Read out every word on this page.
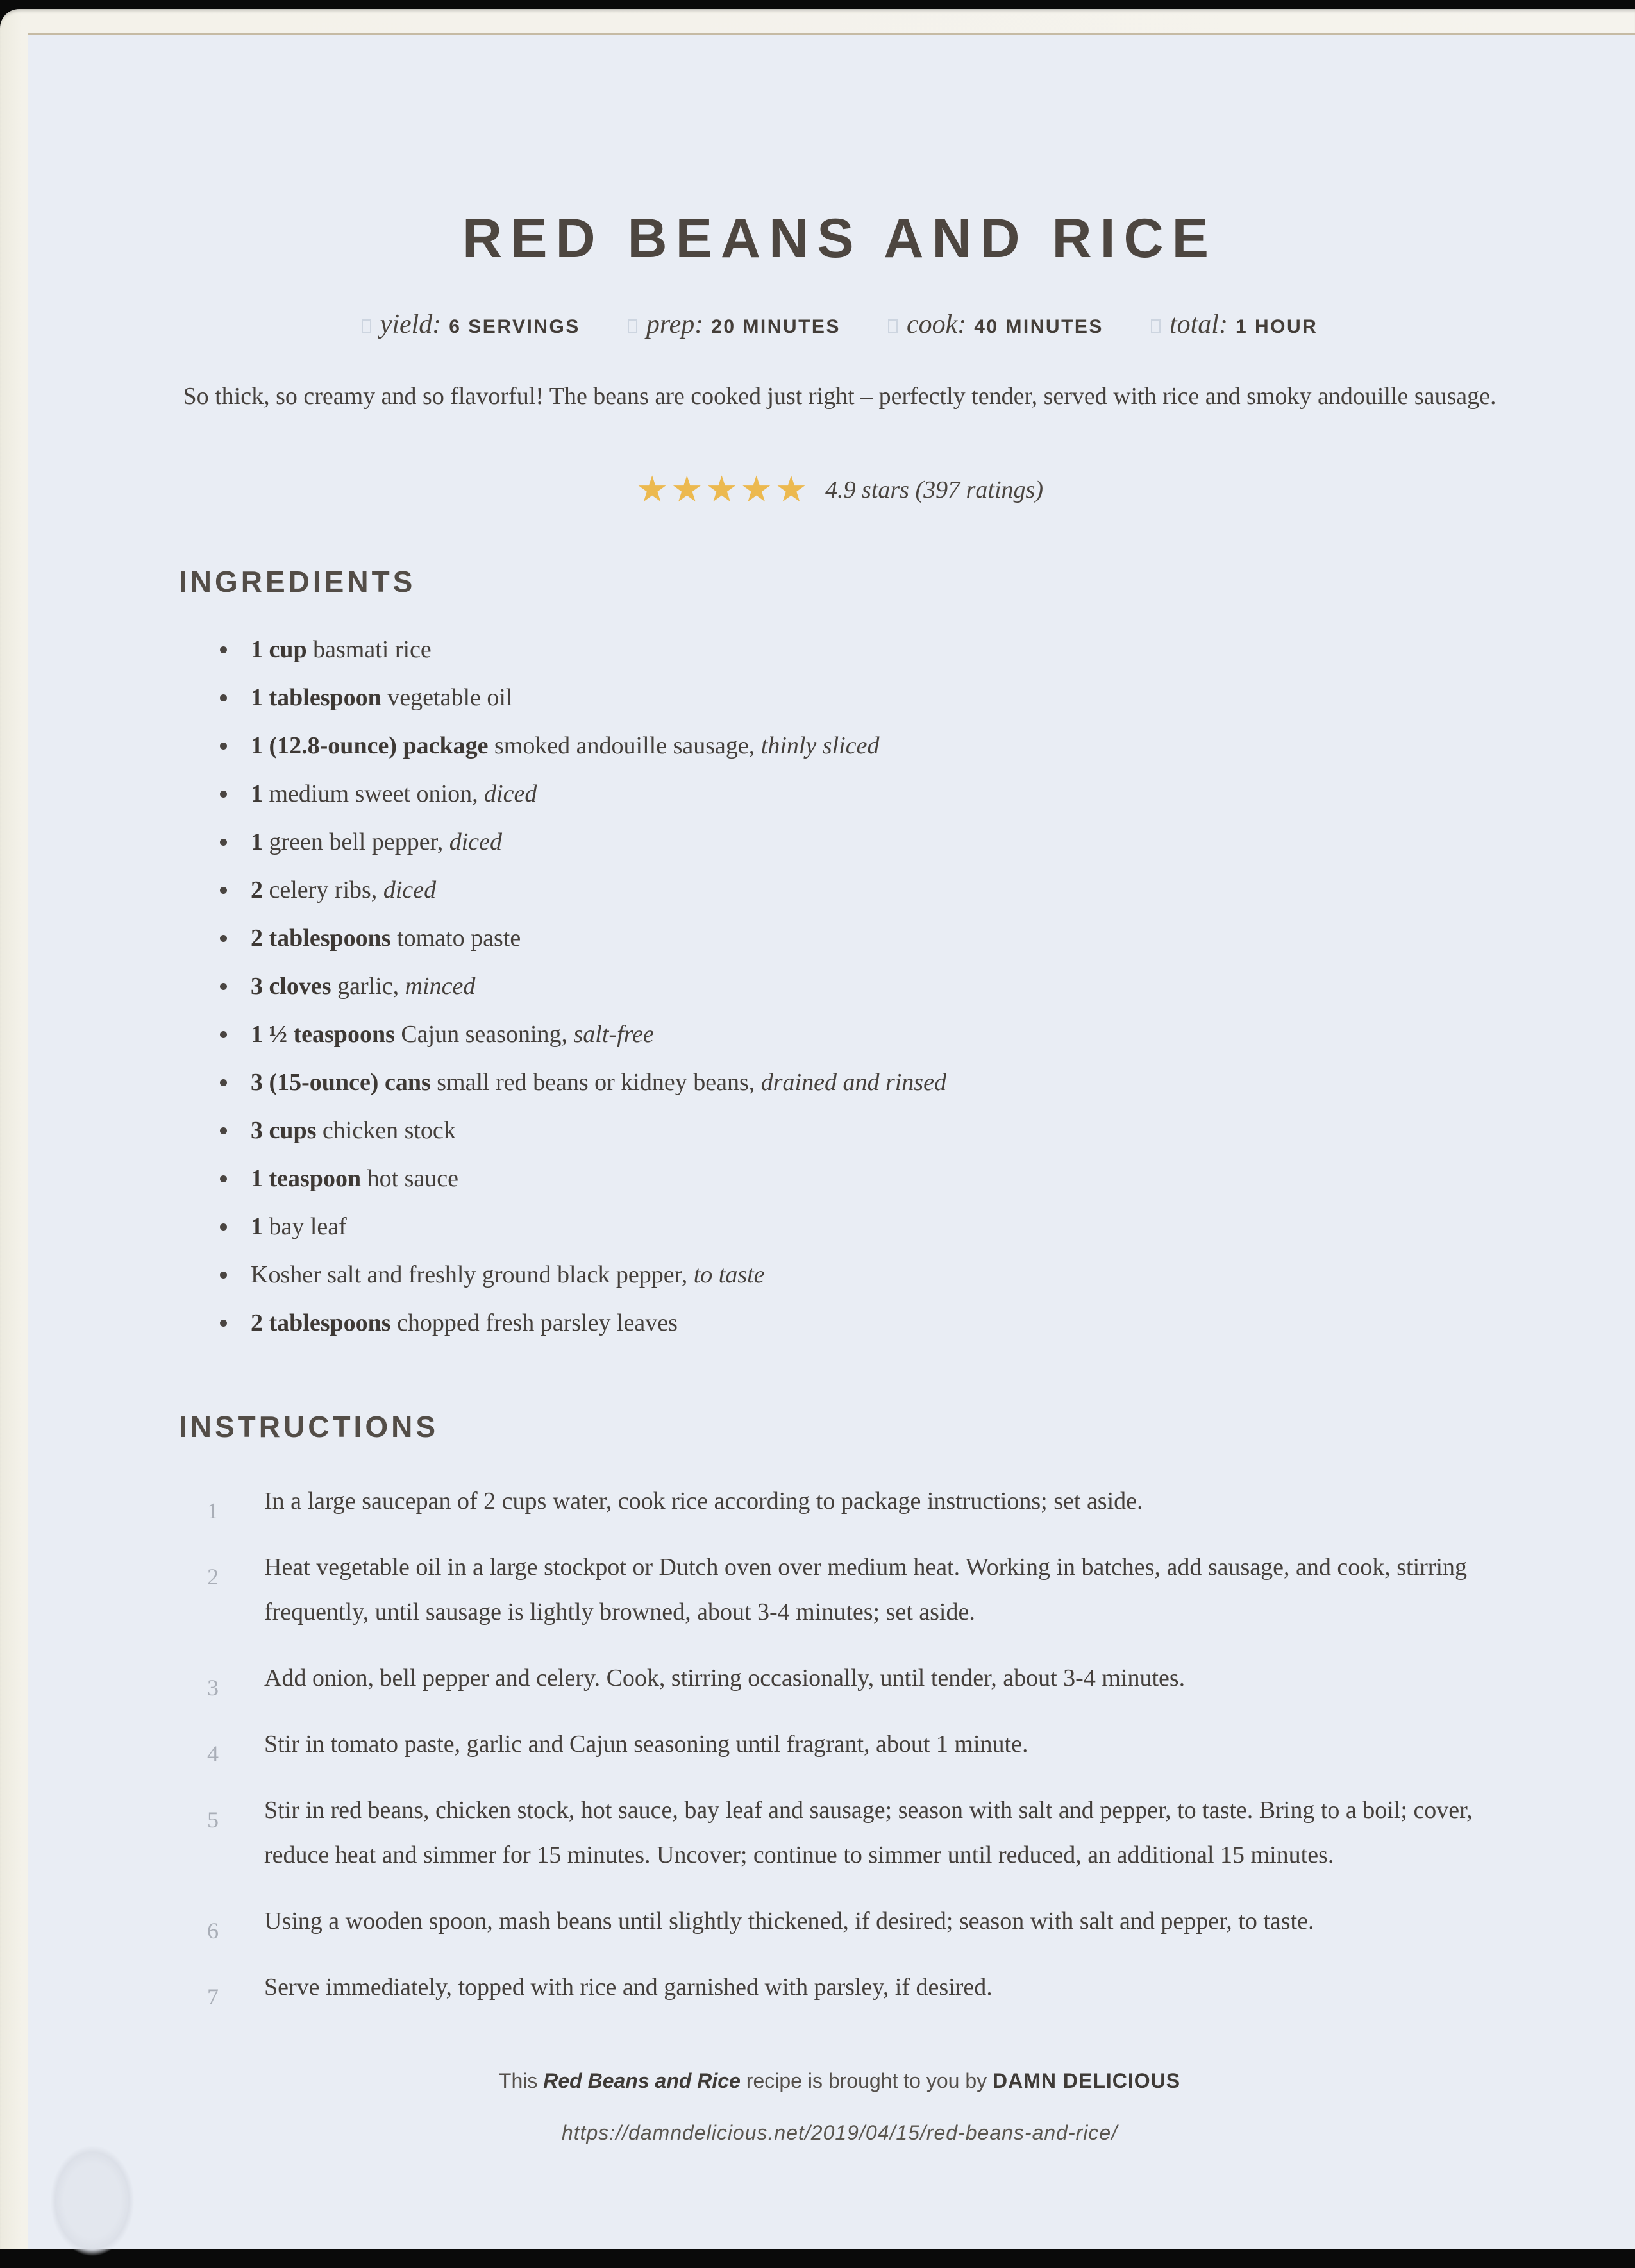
RED BEANS AND RICE
yield: 6 SERVINGS prep: 20 MINUTES cook: 40 MINUTES total: 1 HOUR

So thick, so creamy and so flavorful! The beans are cooked just right – perfectly tender, served with rice and smoky andouille sausage.

★★★★★ 4.9 stars (397 ratings)
INGREDIENTS
1 cup basmati rice
1 tablespoon vegetable oil
1 (12.8-ounce) package smoked andouille sausage, thinly sliced
1 medium sweet onion, diced
1 green bell pepper, diced
2 celery ribs, diced
2 tablespoons tomato paste
3 cloves garlic, minced
1 ½ teaspoons Cajun seasoning, salt-free
3 (15-ounce) cans small red beans or kidney beans, drained and rinsed
3 cups chicken stock
1 teaspoon hot sauce
1 bay leaf
Kosher salt and freshly ground black pepper, to taste
2 tablespoons chopped fresh parsley leaves
INSTRUCTIONS
1	In a large saucepan of 2 cups water, cook rice according to package instructions; set aside.
2	Heat vegetable oil in a large stockpot or Dutch oven over medium heat. Working in batches, add sausage, and cook, stirring frequently, until sausage is lightly browned, about 3-4 minutes; set aside.
3	Add onion, bell pepper and celery. Cook, stirring occasionally, until tender, about 3-4 minutes.
4	Stir in tomato paste, garlic and Cajun seasoning until fragrant, about 1 minute.
5	Stir in red beans, chicken stock, hot sauce, bay leaf and sausage; season with salt and pepper, to taste. Bring to a boil; cover, reduce heat and simmer for 15 minutes. Uncover; continue to simmer until reduced, an additional 15 minutes.
6	Using a wooden spoon, mash beans until slightly thickened, if desired; season with salt and pepper, to taste.
7	Serve immediately, topped with rice and garnished with parsley, if desired.

This Red Beans and Rice recipe is brought to you by DAMN DELICIOUS

https://damndelicious.net/2019/04/15/red-beans-and-rice/
